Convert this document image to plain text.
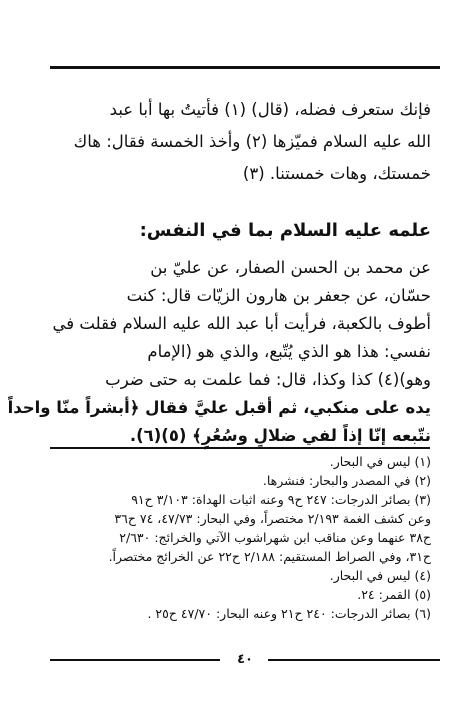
فإنك ستعرف فضله، (قال) (١) فأتيتُ بها أبا عبد

الله عليه السلام فميّزها (٢) وأخذ الخمسة فقال: هاك

خمستك، وهات خمستنا. (٣)

علمه عليه السلام بما في النفس:

عن محمد بن الحسن الصفار، عن عليّ بن

حسّان، عن جعفر بن هارون الزيّات قال: كنت

أطوف بالكعبة، فرأيت أبا عبد الله عليه السلام فقلت في

نفسي: هذا هو الذي يُتّبع، والذي هو (الإمام

وهو)(٤) كذا وكذا، قال: فما علمت به حتى ضرب

يده على منكبي، ثم أقبل عليَّ فقال ﴿أبشراً منّا واحداً

نتّبعه إنّا إذاً لفي ضلالٍ وسُعُرٍ﴾ (٥)(٦).

(١) ليس في البحار.
(٢) في المصدر والبحار: فنشرها.
(٣) بصائر الدرجات: ٢٤٧ ح٩ وعنه اثبات الهداة: ٣/١٠٣ ح٩١
وعن كشف الغمة ٢/١٩٣ مختصراً، وفي البحار: ٤٧/٧٣، ٧٤ ح٣٦
ح٣٨ عنهما وعن مناقب ابن شهراشوب الآتي والخرائج: ٢/٦٣٠
ح٣١، وفي الصراط المستقيم: ٢/١٨٨ ح٢٢ عن الخرائج مختصراً.
(٤) ليس في البحار.
(٥) القمر: ٢٤.
(٦) بصائر الدرجات: ٢٤٠ ح٢١ وعنه البحار: ٤٧/٧٠ ح٢٥ .
٤٠
